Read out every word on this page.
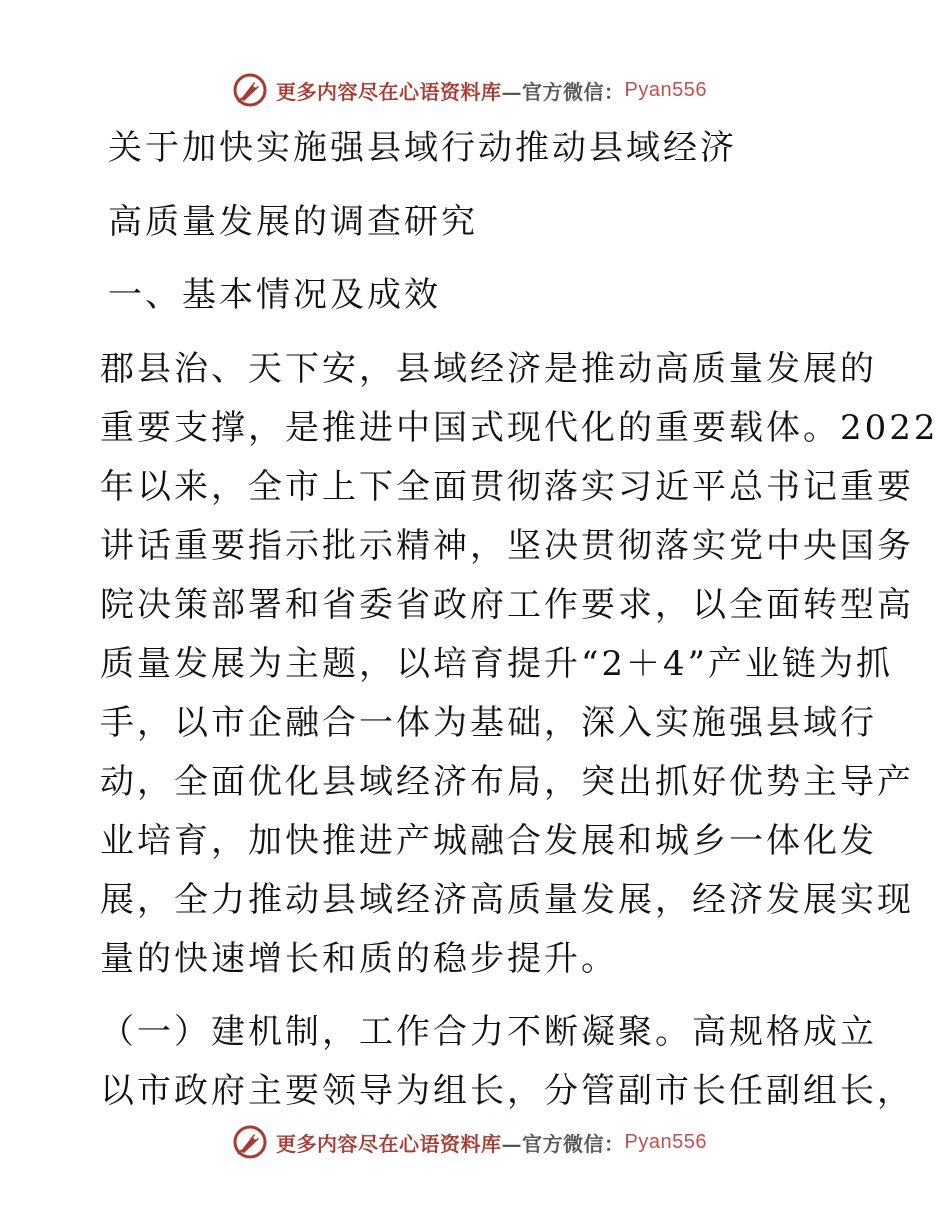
更多内容尽在心语资料库 —官方微信： Pyan556
关于加快实施强县域行动推动县域经济
高质量发展的调查研究
一、基本情况及成效
郡县治、天下安，县域经济是推动高质量发展的
重要支撑，是推进中国式现代化的重要载体。2022
年以来，全市上下全面贯彻落实习近平总书记重要
讲话重要指示批示精神，坚决贯彻落实党中央国务
院决策部署和省委省政府工作要求，以全面转型高
质量发展为主题，以培育提升“2＋4”产业链为抓
手，以市企融合一体为基础，深入实施强县域行
动，全面优化县域经济布局，突出抓好优势主导产
业培育，加快推进产城融合发展和城乡一体化发
展，全力推动县域经济高质量发展，经济发展实现
量的快速增长和质的稳步提升。
（一）建机制，工作合力不断凝聚。高规格成立
以市政府主要领导为组长，分管副市长任副组长，
更多内容尽在心语资料库 —官方微信： Pyan556
